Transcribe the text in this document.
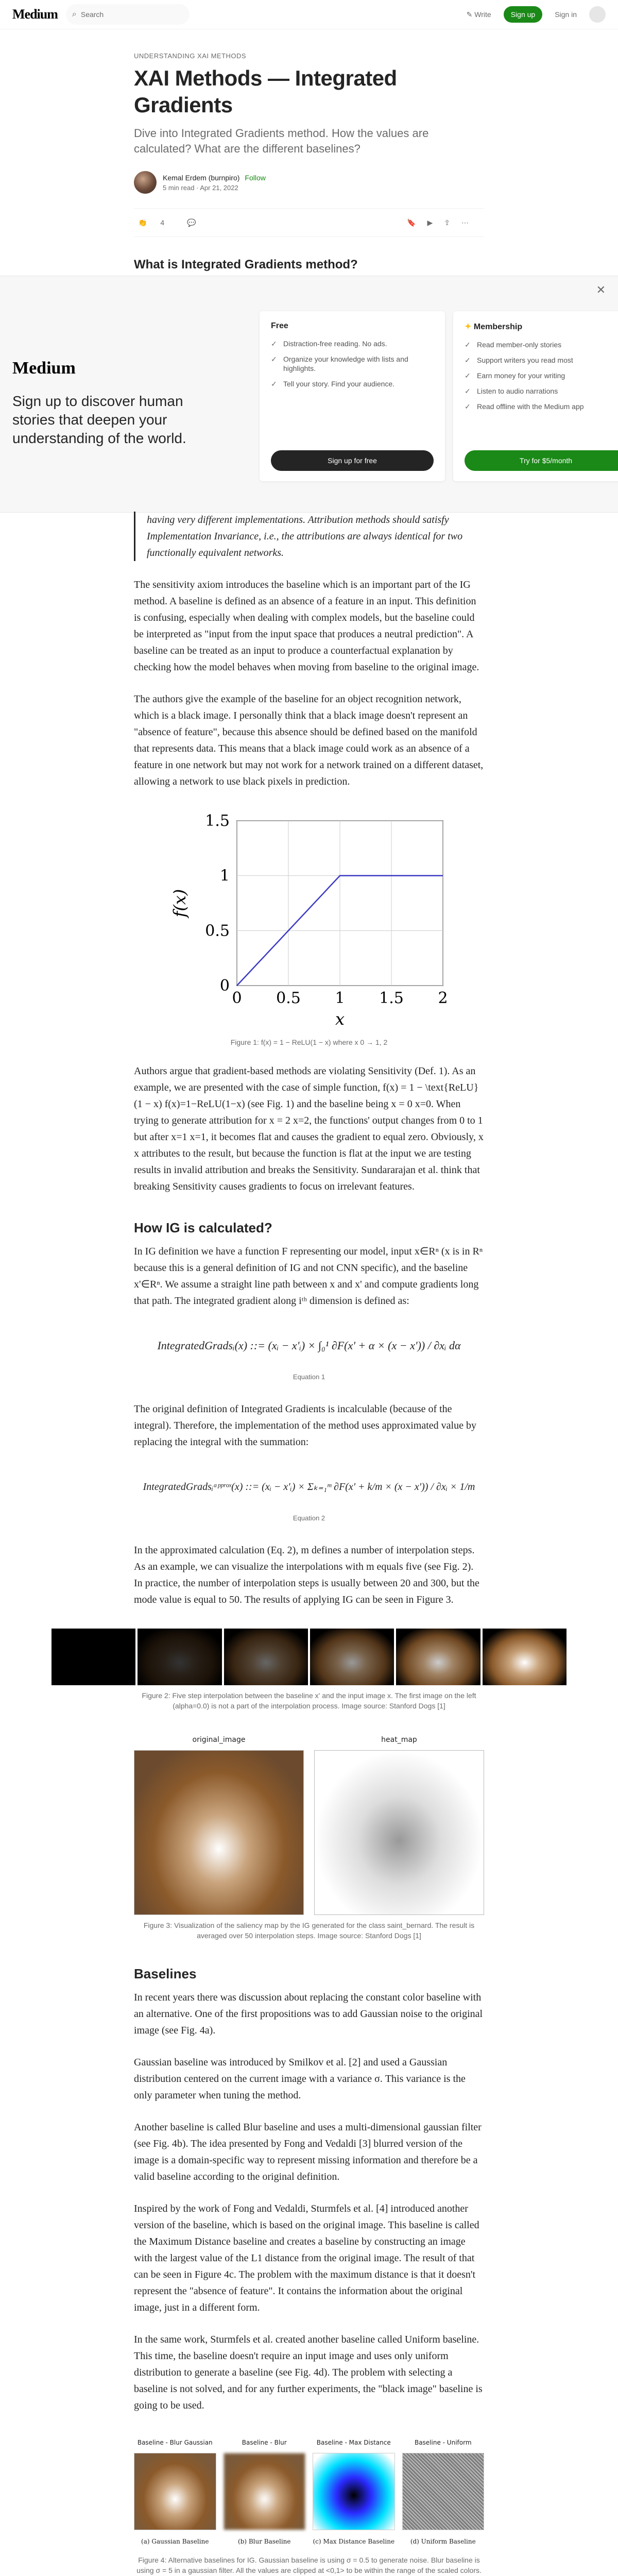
Medium ⌕ Search	✎ Write	Sign up	Sign in
UNDERSTANDING XAI METHODS
XAI Methods — Integrated Gradients
Dive into Integrated Gradients method. How the values are calculated? What are the different baselines?
Kemal Erdem (burnpiro) Follow
5 min read · Apr 21, 2022
👏 4	💬	🔖 ▶ ⇪ ⋯
What is Integrated Gradients method?
✕
Medium
Sign up to discover human stories that deepen your understanding of the world.
Free
✓ Distraction-free reading. No ads.
✓ Organize your knowledge with lists and highlights.
✓ Tell your story. Find your audience.
Sign up for free
✦ Membership
✓ Read member-only stories
✓ Support writers you read most
✓ Earn money for your writing
✓ Listen to audio narrations
✓ Read offline with the Medium app
Try for $5/month

having very different implementations. Attribution methods should satisfy Implementation Invariance, i.e., the attributions are always identical for two functionally equivalent networks.

The sensitivity axiom introduces the baseline which is an important part of the IG method. A baseline is defined as an absence of a feature in an input. This definition is confusing, especially when dealing with complex models, but the baseline could be interpreted as "input from the input space that produces a neutral prediction". A baseline can be treated as an input to produce a counterfactual explanation by checking how the model behaves when moving from baseline to the original image.

The authors give the example of the baseline for an object recognition network, which is a black image. I personally think that a black image doesn't represent an "absence of feature", because this absence should be defined based on the manifold that represents data. This means that a black image could work as an absence of a feature in one network but may not work for a network trained on a different dataset, allowing a network to use black pixels in prediction.

0 0.5 1 1.5 2
0
0.5
1
1.5
x
f(x)
Figure 1: f(x) = 1 − ReLU(1 − x) where x 0 → 1, 2

Authors argue that gradient-based methods are violating Sensitivity (Def. 1). As an example, we are presented with the case of simple function, f(x) = 1 − \text{ReLU}(1 − x) f(x)=1−ReLU(1−x) (see Fig. 1) and the baseline being x = 0 x=0. When trying to generate attribution for x = 2 x=2, the functions' output changes from 0 to 1 but after x=1 x=1, it becomes flat and causes the gradient to equal zero. Obviously, x x attributes to the result, but because the function is flat at the input we are testing results in invalid attribution and breaks the Sensitivity. Sundararajan et al. think that breaking Sensitivity causes gradients to focus on irrelevant features.

How IG is calculated?

In IG definition we have a function F representing our model, input x∈Rⁿ (x is in Rⁿ because this is a general definition of IG and not CNN specific), and the baseline x'∈Rⁿ. We assume a straight line path between x and x' and compute gradients long that path. The integrated gradient along iᵗʰ dimension is defined as:

IntegratedGradsᵢ(x) ::= (xᵢ − x'ᵢ) × ∫₀¹ ∂F(x' + α × (x − x')) / ∂xᵢ dα
Equation 1

The original definition of Integrated Gradients is incalculable (because of the integral). Therefore, the implementation of the method uses approximated value by replacing the integral with the summation:

IntegratedGradsᵢᵃᵖᵖʳᵒˣ(x) ::= (xᵢ − x'ᵢ) × Σₖ₌₁ᵐ ∂F(x' + k/m × (x − x')) / ∂xᵢ × 1/m
Equation 2

In the approximated calculation (Eq. 2), m defines a number of interpolation steps. As an example, we can visualize the interpolations with m equals five (see Fig. 2). In practice, the number of interpolation steps is usually between 20 and 300, but the mode value is equal to 50. The results of applying IG can be seen in Figure 3.

Figure 2: Five step interpolation between the baseline x' and the input image x. The first image on the left (alpha=0.0) is not a part of the interpolation process. Image source: Stanford Dogs [1]
original_image	heat_map
Figure 3: Visualization of the saliency map by the IG generated for the class saint_bernard. The result is averaged over 50 interpolation steps. Image source: Stanford Dogs [1]
Baselines

In recent years there was discussion about replacing the constant color baseline with an alternative. One of the first propositions was to add Gaussian noise to the original image (see Fig. 4a).

Gaussian baseline was introduced by Smilkov et al. [2] and used a Gaussian distribution centered on the current image with a variance σ. This variance is the only parameter when tuning the method.

Another baseline is called Blur baseline and uses a multi-dimensional gaussian filter (see Fig. 4b). The idea presented by Fong and Vedaldi [3] blurred version of the image is a domain-specific way to represent missing information and therefore be a valid baseline according to the original definition.

Inspired by the work of Fong and Vedaldi, Sturmfels et al. [4] introduced another version of the baseline, which is based on the original image. This baseline is called the Maximum Distance baseline and creates a baseline by constructing an image with the largest value of the L1 distance from the original image. The result of that can be seen in Figure 4c. The problem with the maximum distance is that it doesn't represent the "absence of feature". It contains the information about the original image, just in a different form.

In the same work, Sturmfels et al. created another baseline called Uniform baseline. This time, the baseline doesn't require an input image and uses only uniform distribution to generate a baseline (see Fig. 4d). The problem with selecting a baseline is not solved, and for any further experiments, the "black image" baseline is going to be used.

Baseline - Blur Gaussian
(a) Gaussian Baseline
Baseline - Blur
(b) Blur Baseline
Baseline - Max Distance
(c) Max Distance Baseline
Baseline - Uniform
(d) Uniform Baseline
Figure 4: Alternative baselines for IG. Gaussian baseline is using σ = 0.5 to generate noise. Blur baseline is using σ = 5 in a gaussian filter. All the values are clipped at <0,1> to be within the range of the scaled colors.
